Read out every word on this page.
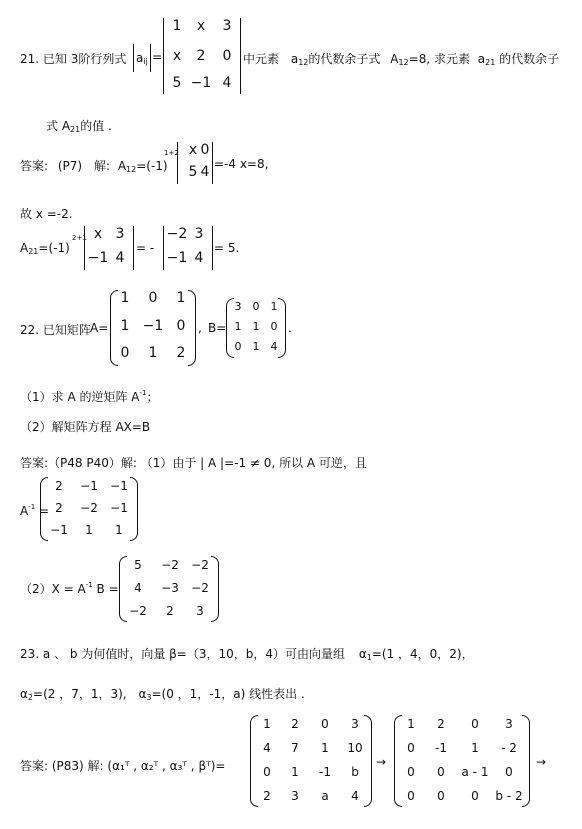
21. 已知 3阶行列式 $a_{ij}$ =
1	x	3
x	2	0
5 −1 4
中元素 $a_{12}$的代数余子式 $A_{12}=8$, 求元素 $a_{21}$ 的代数余子
式 $A_{21}$的值 .
答案: (P7) 解: $A_{12}=(-1)$
1+2 x 0
5 4 =-4 x=8,
故 x =-2.
$A_{21}=(-1)$
2+1 x 3
−1 4
= -
−2 3
−1 4
= 5.
22. 已知矩阵 A=
1	0	1
1 −1 0
0	1	2
, B=
3	0	1
1	1	0
0	1	4
.
（1）求 A 的逆矩阵 $A^{-1}$；
（2）解矩阵方程 AX=B
答案:（P48 P40）解: （1）由于 | A |=-1 ≠ 0, 所以 A 可逆，且
$A^{-1}$ =
2	−1	−1
2	−2	−1
−1	1	1
$(2)X = A^{-1}$ B =
5	−2	−2
4	−3	−2
−2	2	3
23. a 、 b 为何值时，向量 β=（3，10，b，4）可由向量组 $\alpha_1=(1$ ，4，0，2)，
$\alpha_2=(2$ ，7，1，3), $\alpha_3=(0$ ，1，-1，a) 线性表出 .
答案: (P83) 解: (α₁ᵀ , α₂ᵀ , α₃ᵀ , βᵀ)=
1	2	0	3
4	7	1	10
0	1	-1	b
2	3	a	4
→
1	2	0	3
0	-1	1	- 2
0	0	a - 1	0
0	0	0	b - 2
→
